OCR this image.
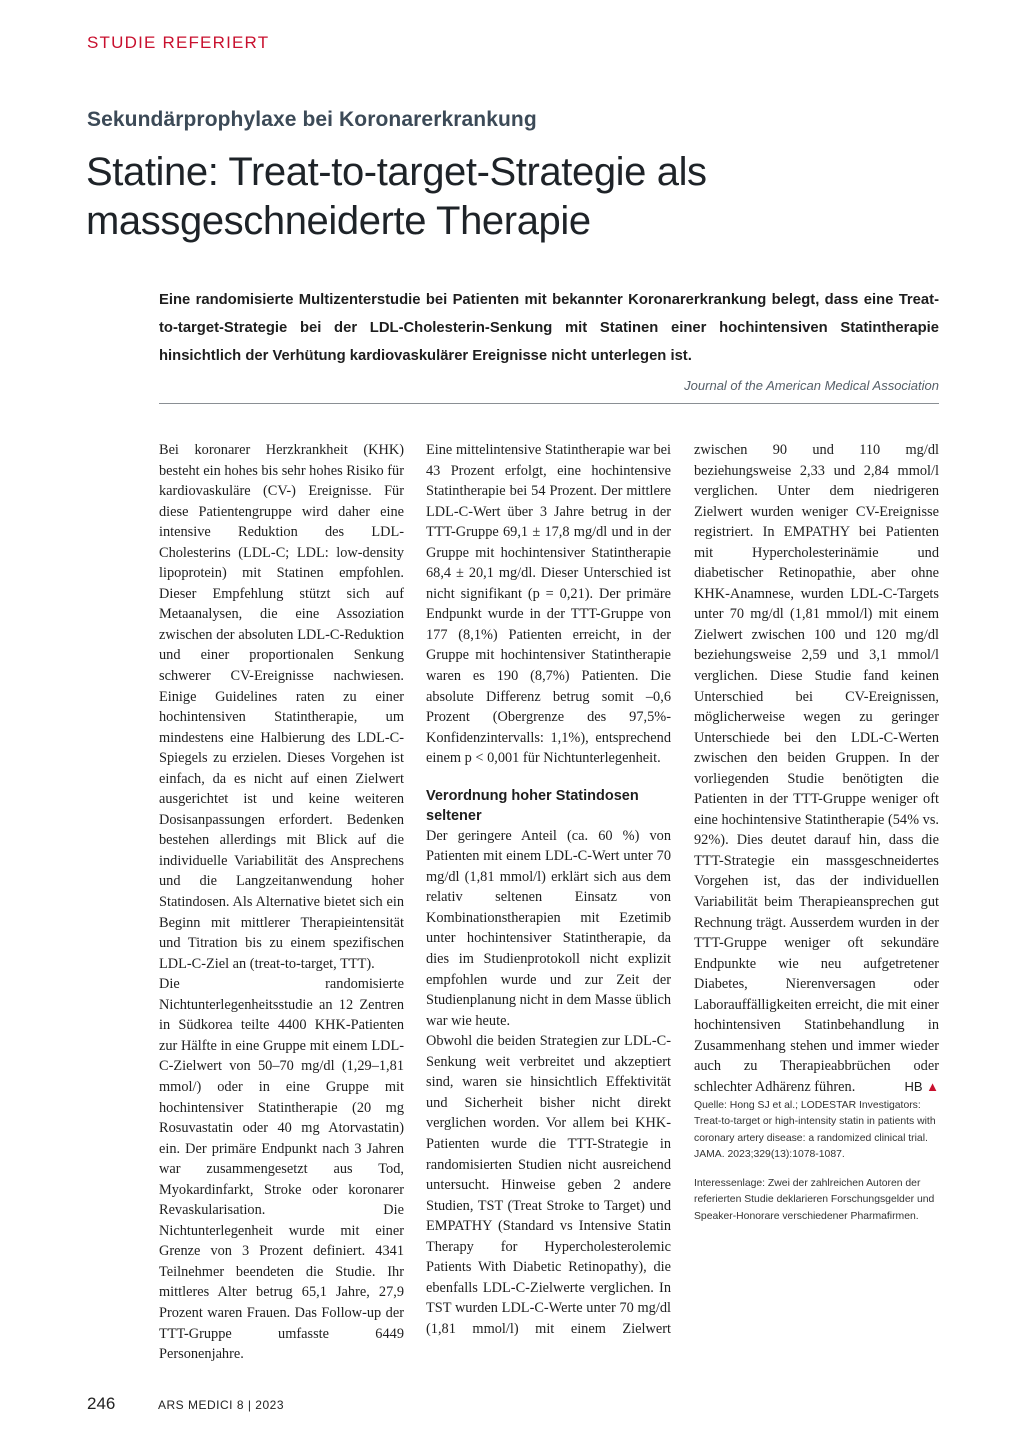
STUDIE REFERIERT
Sekundärprophylaxe bei Koronarerkrankung
Statine: Treat-to-target-Strategie als massgeschneiderte Therapie

Eine randomisierte Multizenterstudie bei Patienten mit bekannter Koronarerkrankung belegt, dass eine Treat-to-target-Strategie bei der LDL-Cholesterin-Senkung mit Statinen einer hochintensiven Statintherapie hinsichtlich der Verhütung kardiovaskulärer Ereignisse nicht unterlegen ist.

Journal of the American Medical Association

Bei koronarer Herzkrankheit (KHK) besteht ein hohes bis sehr hohes Risiko für kardiovaskuläre (CV-) Ereignisse. Für diese Patientengruppe wird daher eine intensive Reduktion des LDL-Cholesterins (LDL-C; LDL: low-density lipoprotein) mit Statinen empfohlen. Dieser Empfehlung stützt sich auf Metaanalysen, die eine Assoziation zwischen der absoluten LDL-C-Reduktion und einer proportionalen Senkung schwerer CV-Ereignisse nachwiesen. Einige Guidelines raten zu einer hochintensiven Statintherapie, um mindestens eine Halbierung des LDL-C-Spiegels zu erzielen. Dieses Vorgehen ist einfach, da es nicht auf einen Zielwert ausgerichtet ist und keine weiteren Dosisanpassungen erfordert. Bedenken bestehen allerdings mit Blick auf die individuelle Variabilität des Ansprechens und die Langzeitanwendung hoher Statindosen. Als Alternative bietet sich ein Beginn mit mittlerer Therapieintensität und Titration bis zu einem spezifischen LDL-C-Ziel an (treat-to-target, TTT).

Die randomisierte Nichtunterlegenheitsstudie an 12 Zentren in Südkorea teilte 4400 KHK-Patienten zur Hälfte in eine Gruppe mit einem LDL-C-Zielwert von 50–70 mg/dl (1,29–1,81 mmol/) oder in eine Gruppe mit hochintensiver Statintherapie (20 mg Rosuvastatin oder 40 mg Atorvastatin) ein. Der primäre Endpunkt nach 3 Jahren war zusammengesetzt aus Tod, Myokardinfarkt, Stroke oder koronarer Revaskularisation. Die Nichtunterlegenheit wurde mit einer Grenze von 3 Prozent definiert. 4341 Teilnehmer beendeten die Studie. Ihr mittleres Alter betrug 65,1 Jahre, 27,9 Prozent waren Frauen. Das Follow-up der TTT-Gruppe umfasste 6449 Personenjahre.

Eine mittelintensive Statintherapie war bei 43 Prozent erfolgt, eine hochintensive Statintherapie bei 54 Prozent. Der mittlere LDL-C-Wert über 3 Jahre betrug in der TTT-Gruppe 69,1 ± 17,8 mg/dl und in der Gruppe mit hochintensiver Statintherapie 68,4 ± 20,1 mg/dl. Dieser Unterschied ist nicht signifikant (p = 0,21). Der primäre Endpunkt wurde in der TTT-Gruppe von 177 (8,1%) Patienten erreicht, in der Gruppe mit hochintensiver Statintherapie waren es 190 (8,7%) Patienten. Die absolute Differenz betrug somit –0,6 Prozent (Obergrenze des 97,5%-Konfidenzintervalls: 1,1%), entsprechend einem p < 0,001 für Nichtunterlegenheit.

Verordnung hoher Statindosen seltener

Der geringere Anteil (ca. 60 %) von Patienten mit einem LDL-C-Wert unter 70 mg/dl (1,81 mmol/l) erklärt sich aus dem relativ seltenen Einsatz von Kombinationstherapien mit Ezetimib unter hochintensiver Statintherapie, da dies im Studienprotokoll nicht explizit empfohlen wurde und zur Zeit der Studienplanung nicht in dem Masse üblich war wie heute.

Obwohl die beiden Strategien zur LDL-C-Senkung weit verbreitet und akzeptiert sind, waren sie hinsichtlich Effektivität und Sicherheit bisher nicht direkt verglichen worden. Vor allem bei KHK-Patienten wurde die TTT-Strategie in randomisierten Studien nicht ausreichend untersucht. Hinweise geben 2 andere Studien, TST (Treat Stroke to Target) und EMPATHY (Standard vs Intensive Statin Therapy for Hypercholesterolemic Patients With Diabetic Retinopathy), die ebenfalls LDL-C-Zielwerte verglichen. In TST wurden LDL-C-Werte unter 70 mg/dl (1,81 mmol/l) mit einem Zielwert

zwischen 90 und 110 mg/dl beziehungsweise 2,33 und 2,84 mmol/l verglichen. Unter dem niedrigeren Zielwert wurden weniger CV-Ereignisse registriert. In EMPATHY bei Patienten mit Hypercholesterinämie und diabetischer Retinopathie, aber ohne KHK-Anamnese, wurden LDL-C-Targets unter 70 mg/dl (1,81 mmol/l) mit einem Zielwert zwischen 100 und 120 mg/dl beziehungsweise 2,59 und 3,1 mmol/l verglichen. Diese Studie fand keinen Unterschied bei CV-Ereignissen, möglicherweise wegen zu geringer Unterschiede bei den LDL-C-Werten zwischen den beiden Gruppen. In der vorliegenden Studie benötigten die Patienten in der TTT-Gruppe weniger oft eine hochintensive Statintherapie (54% vs. 92%). Dies deutet darauf hin, dass die TTT-Strategie ein massgeschneidertes Vorgehen ist, das der individuellen Variabilität beim Therapieansprechen gut Rechnung trägt. Ausserdem wurden in der TTT-Gruppe weniger oft sekundäre Endpunkte wie neu aufgetretener Diabetes, Nierenversagen oder Laborauffälligkeiten erreicht, die mit einer hochintensiven Statinbehandlung in Zusammenhang stehen und immer wieder auch zu Therapieabbrüchen oder schlechter Adhärenz führen.	HB ▲

Quelle: Hong SJ et al.; LODESTAR Investigators: Treat-to-target or high-intensity statin in patients with coronary artery disease: a randomized clinical trial. JAMA. 2023;329(13):1078-1087.

Interessenlage: Zwei der zahlreichen Autoren der referierten Studie deklarieren Forschungsgelder und Speaker-Honorare verschiedener Pharmafirmen.

246	ARS MEDICI 8 | 2023
